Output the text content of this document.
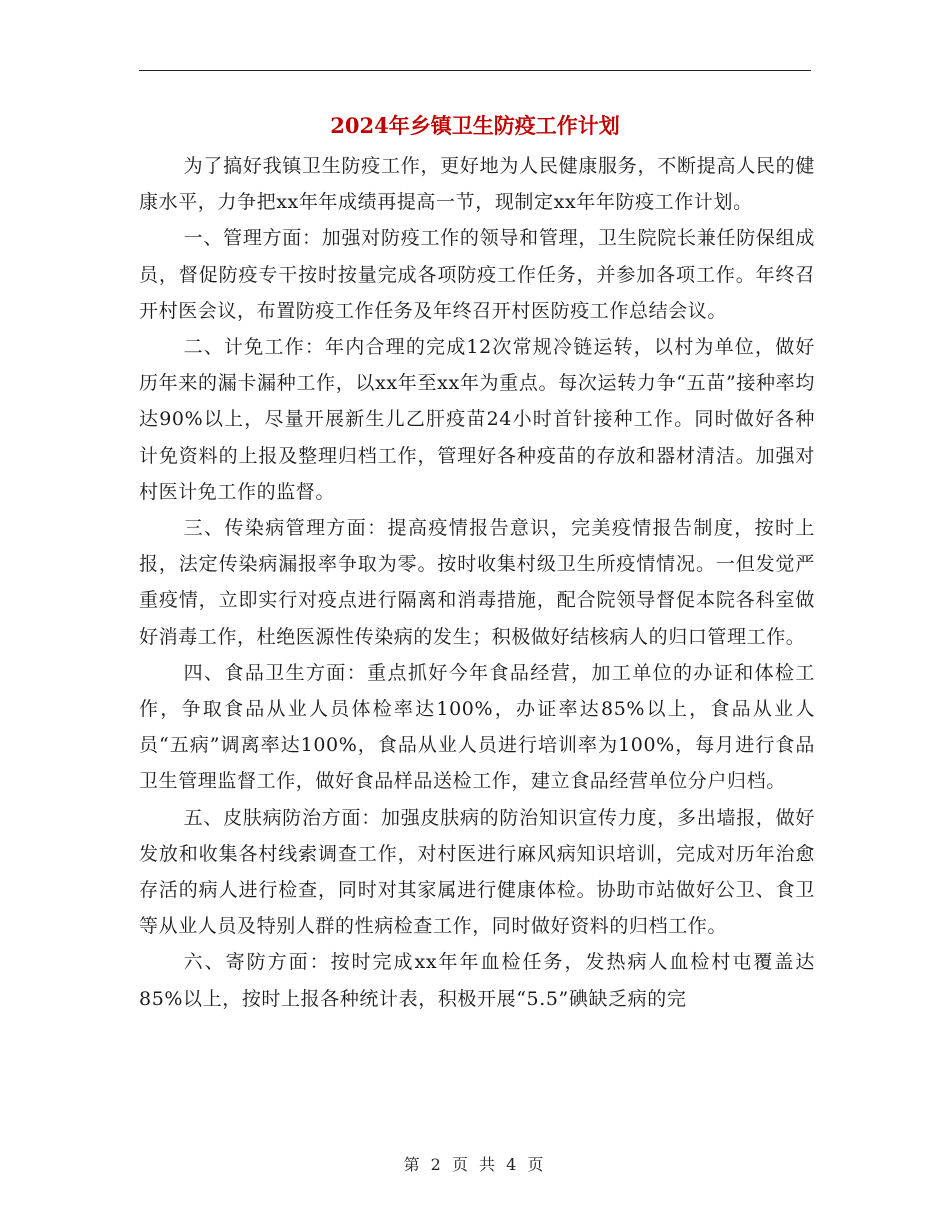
2024年乡镇卫生防疫工作计划

为了搞好我镇卫生防疫工作，更好地为人民健康服务，不断提高人民的健康水平，力争把xx年年成绩再提高一节，现制定xx年年防疫工作计划。

一、管理方面：加强对防疫工作的领导和管理，卫生院院长兼任防保组成员，督促防疫专干按时按量完成各项防疫工作任务，并参加各项工作。年终召开村医会议，布置防疫工作任务及年终召开村医防疫工作总结会议。

二、计免工作：年内合理的完成12次常规冷链运转，以村为单位，做好历年来的漏卡漏种工作，以xx年至xx年为重点。每次运转力争“五苗”接种率均达90%以上，尽量开展新生儿乙肝疫苗24小时首针接种工作。同时做好各种计免资料的上报及整理归档工作，管理好各种疫苗的存放和器材清洁。加强对村医计免工作的监督。

三、传染病管理方面：提高疫情报告意识，完美疫情报告制度，按时上报，法定传染病漏报率争取为零。按时收集村级卫生所疫情情况。一但发觉严重疫情，立即实行对疫点进行隔离和消毒措施，配合院领导督促本院各科室做好消毒工作，杜绝医源性传染病的发生；积极做好结核病人的归口管理工作。

四、食品卫生方面：重点抓好今年食品经营，加工单位的办证和体检工作，争取食品从业人员体检率达100%，办证率达85%以上，食品从业人员“五病”调离率达100%，食品从业人员进行培训率为100%，每月进行食品卫生管理监督工作，做好食品样品送检工作，建立食品经营单位分户归档。

五、皮肤病防治方面：加强皮肤病的防治知识宣传力度，多出墙报，做好发放和收集各村线索调查工作，对村医进行麻风病知识培训，完成对历年治愈存活的病人进行检查，同时对其家属进行健康体检。协助市站做好公卫、食卫等从业人员及特别人群的性病检查工作，同时做好资料的归档工作。

六、寄防方面：按时完成xx年年血检任务，发热病人血检村屯覆盖达85%以上，按时上报各种统计表，积极开展“5.5”碘缺乏病的完

第 2 页 共 4 页
